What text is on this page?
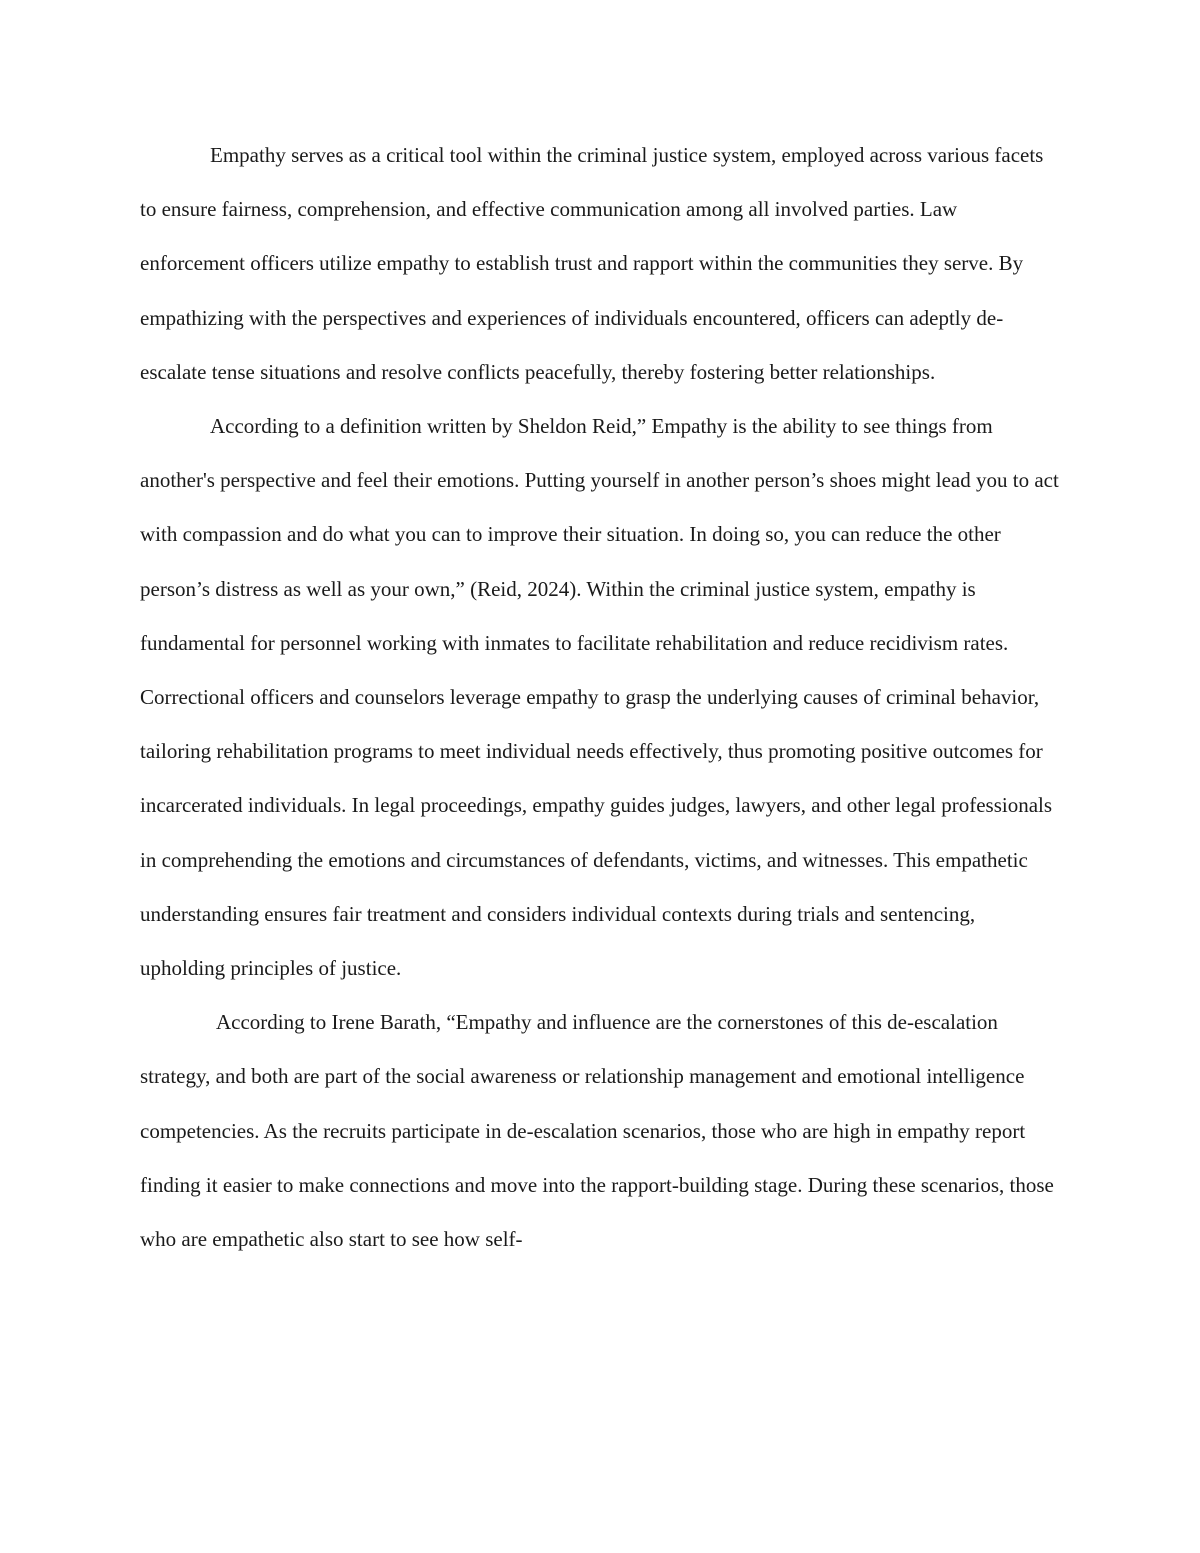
Empathy serves as a critical tool within the criminal justice system, employed across various facets to ensure fairness, comprehension, and effective communication among all involved parties. Law enforcement officers utilize empathy to establish trust and rapport within the communities they serve. By empathizing with the perspectives and experiences of individuals encountered, officers can adeptly de-escalate tense situations and resolve conflicts peacefully, thereby fostering better relationships.

According to a definition written by Sheldon Reid,” Empathy is the ability to see things from another's perspective and feel their emotions. Putting yourself in another person’s shoes might lead you to act with compassion and do what you can to improve their situation. In doing so, you can reduce the other person’s distress as well as your own,” (Reid, 2024). Within the criminal justice system, empathy is fundamental for personnel working with inmates to facilitate rehabilitation and reduce recidivism rates. Correctional officers and counselors leverage empathy to grasp the underlying causes of criminal behavior, tailoring rehabilitation programs to meet individual needs effectively, thus promoting positive outcomes for incarcerated individuals. In legal proceedings, empathy guides judges, lawyers, and other legal professionals in comprehending the emotions and circumstances of defendants, victims, and witnesses. This empathetic understanding ensures fair treatment and considers individual contexts during trials and sentencing, upholding principles of justice.

According to Irene Barath, “Empathy and influence are the cornerstones of this de-escalation strategy, and both are part of the social awareness or relationship management and emotional intelligence competencies. As the recruits participate in de-escalation scenarios, those who are high in empathy report finding it easier to make connections and move into the rapport-building stage. During these scenarios, those who are empathetic also start to see how self-
